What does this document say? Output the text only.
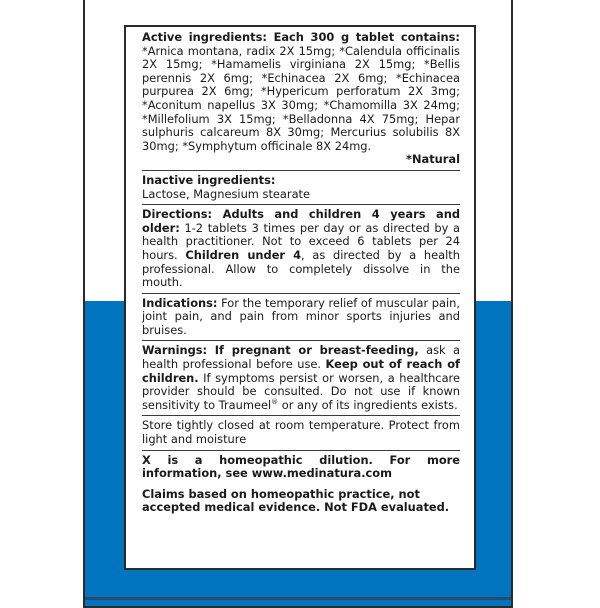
Active ingredients: Each 300 g tablet contains: *Arnica montana, radix 2X 15mg; *Calendula officinalis 2X 15mg; *Hamamelis virginiana 2X 15mg; *Bellis perennis 2X 6mg; *Echinacea 2X 6mg; *Echinacea purpurea 2X 6mg; *Hypericum perforatum 2X 3mg; *Aconitum napellus 3X 30mg; *Chamomilla 3X 24mg; *Millefolium 3X 15mg; *Belladonna 4X 75mg; Hepar sulphuris calcareum 8X 30mg; Mercurius solubilis 8X 30mg; *Symphytum officinale 8X 24mg.
*Natural
Inactive ingredients:
Lactose, Magnesium stearate
Directions: Adults and children 4 years and older: 1-2 tablets 3 times per day or as directed by a health practitioner. Not to exceed 6 tablets per 24 hours. Children under 4, as directed by a health professional. Allow to completely dissolve in the mouth.
Indications: For the temporary relief of muscular pain, joint pain, and pain from minor sports injuries and bruises.
Warnings: If pregnant or breast-feeding, ask a health professional before use. Keep out of reach of children. If symptoms persist or worsen, a healthcare provider should be consulted. Do not use if known sensitivity to Traumeel® or any of its ingredients exists.
Store tightly closed at room temperature. Protect from light and moisture
X is a homeopathic dilution. For more information, see www.medinatura.com
Claims based on homeopathic practice, not accepted medical evidence. Not FDA evaluated.
